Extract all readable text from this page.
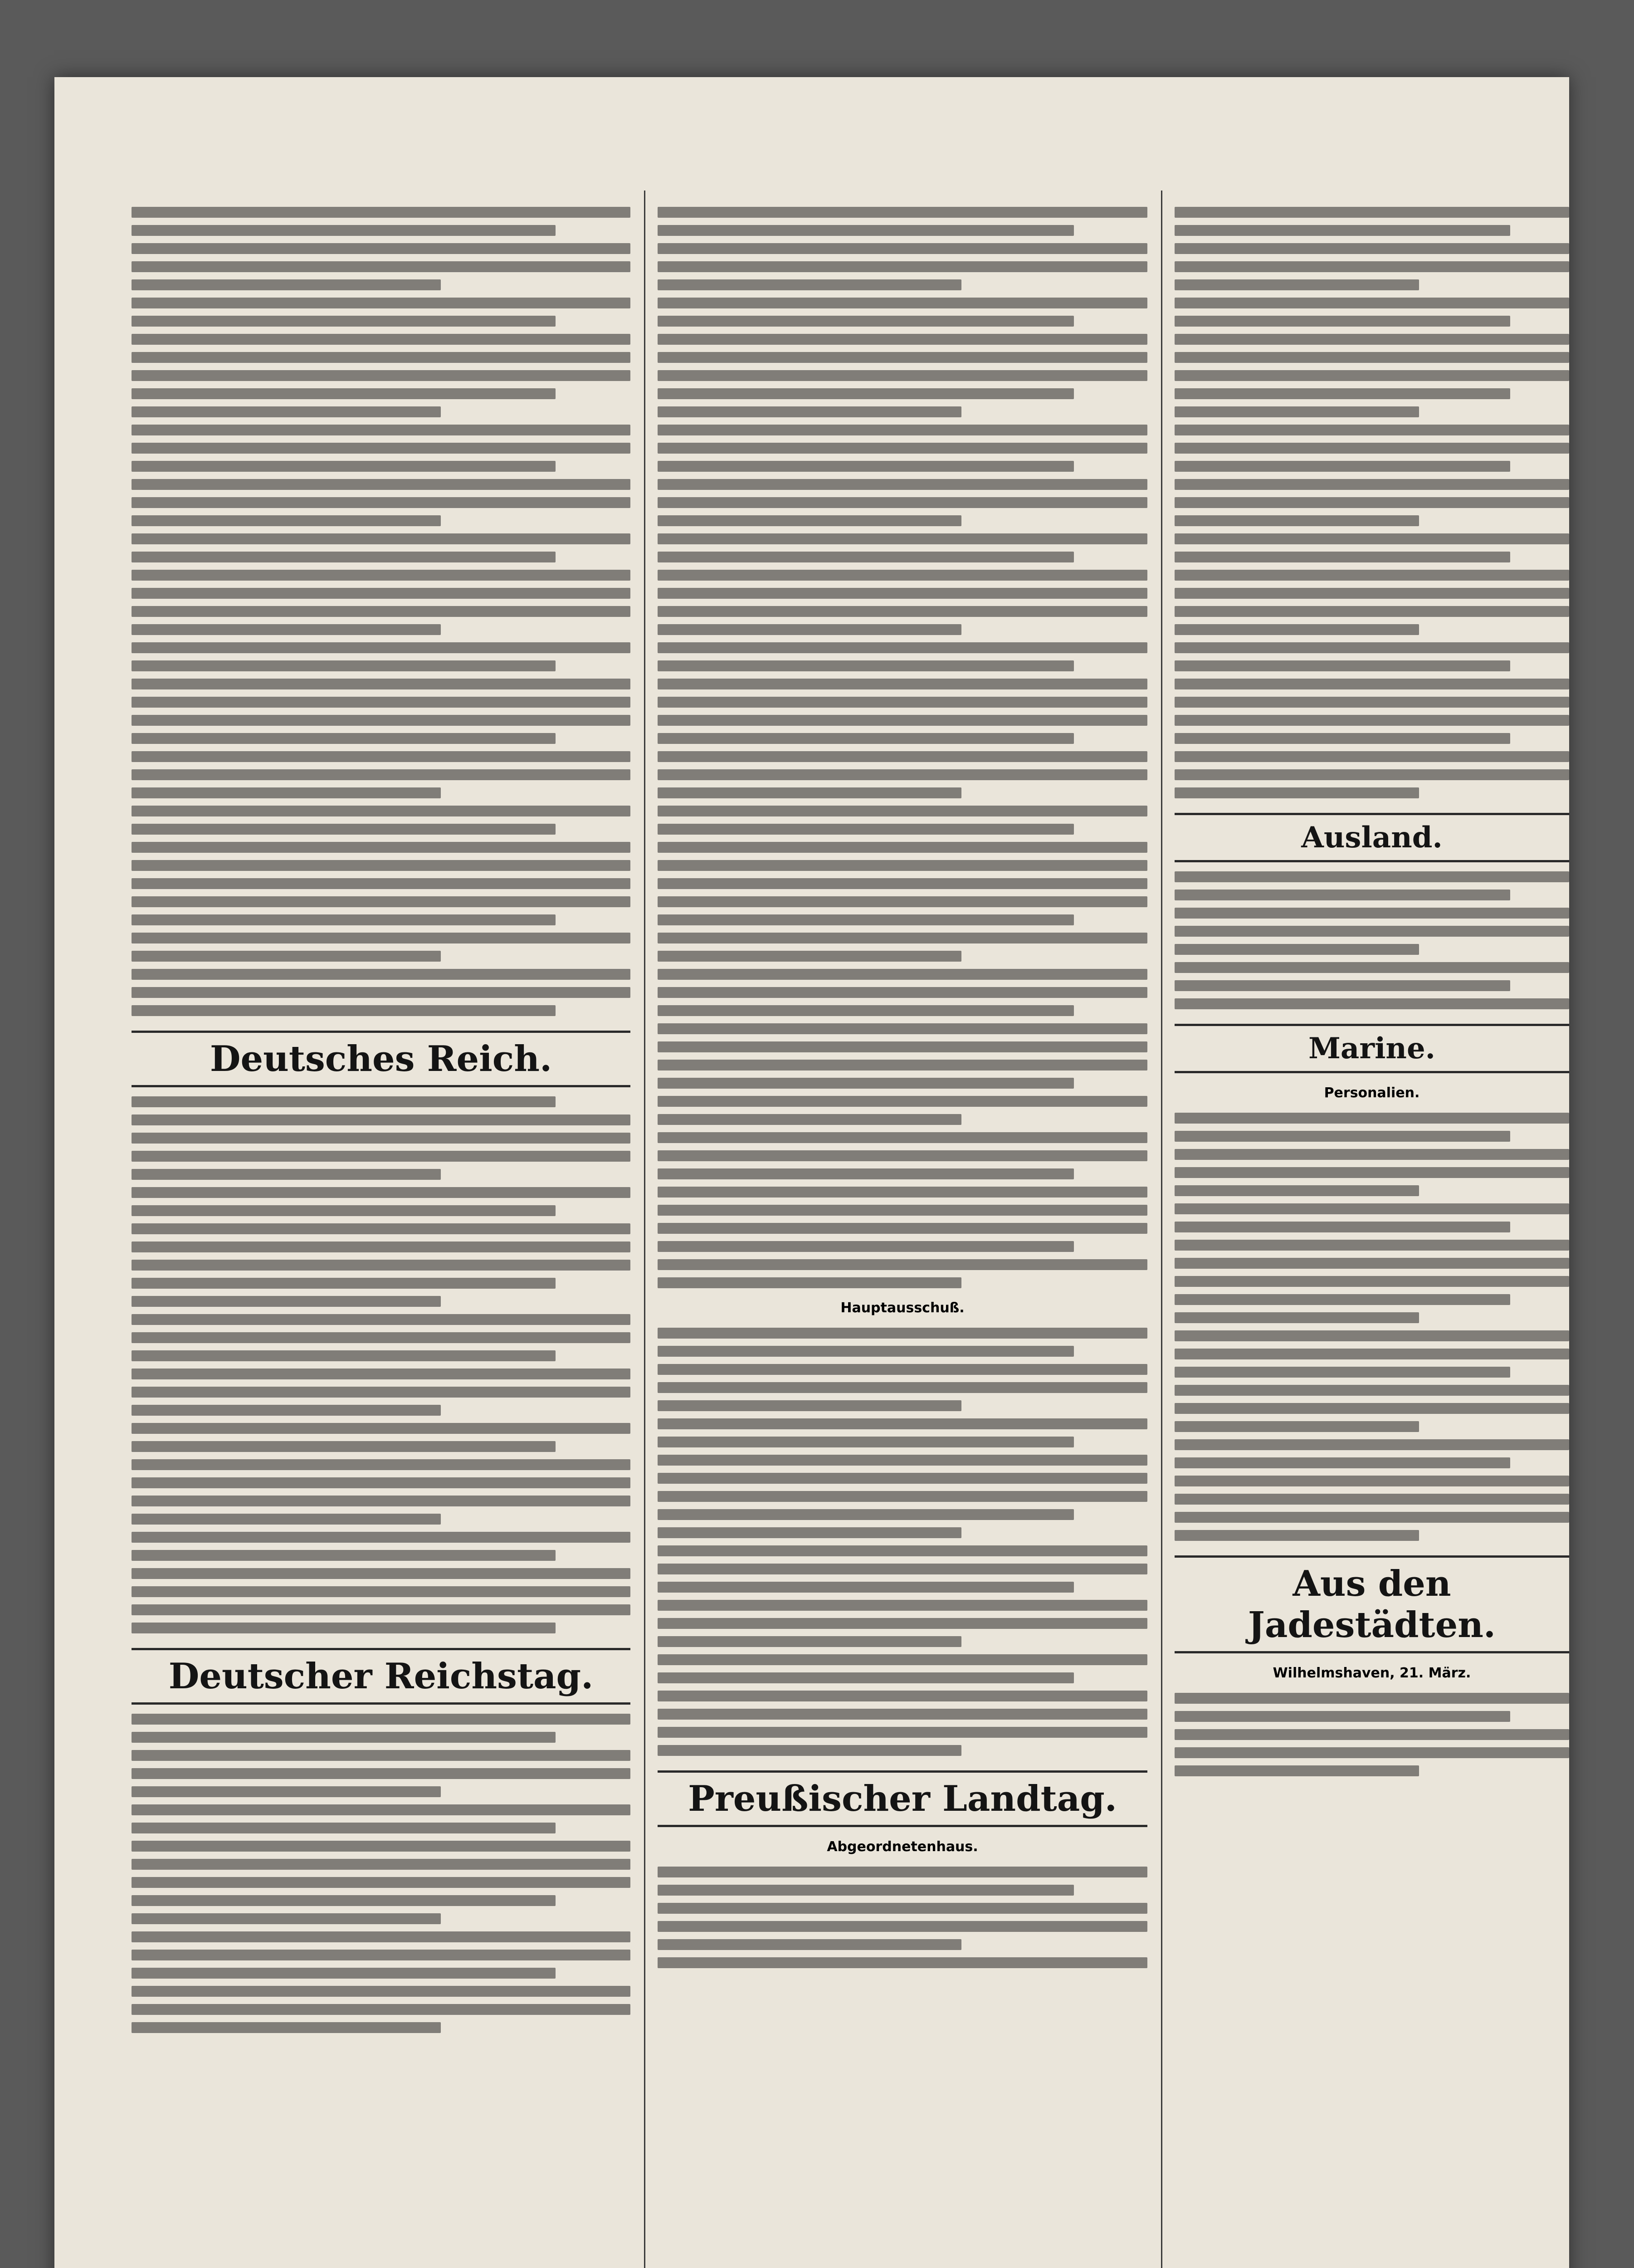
Deutsches Reich.
Deutscher Reichstag.
Hauptausschuß.
Preußischer Landtag.
Abgeordnetenhaus.
Ausland.
Marine.
Personalien.
Aus den Jadestädten.
Wilhelmshaven, 21. März.
